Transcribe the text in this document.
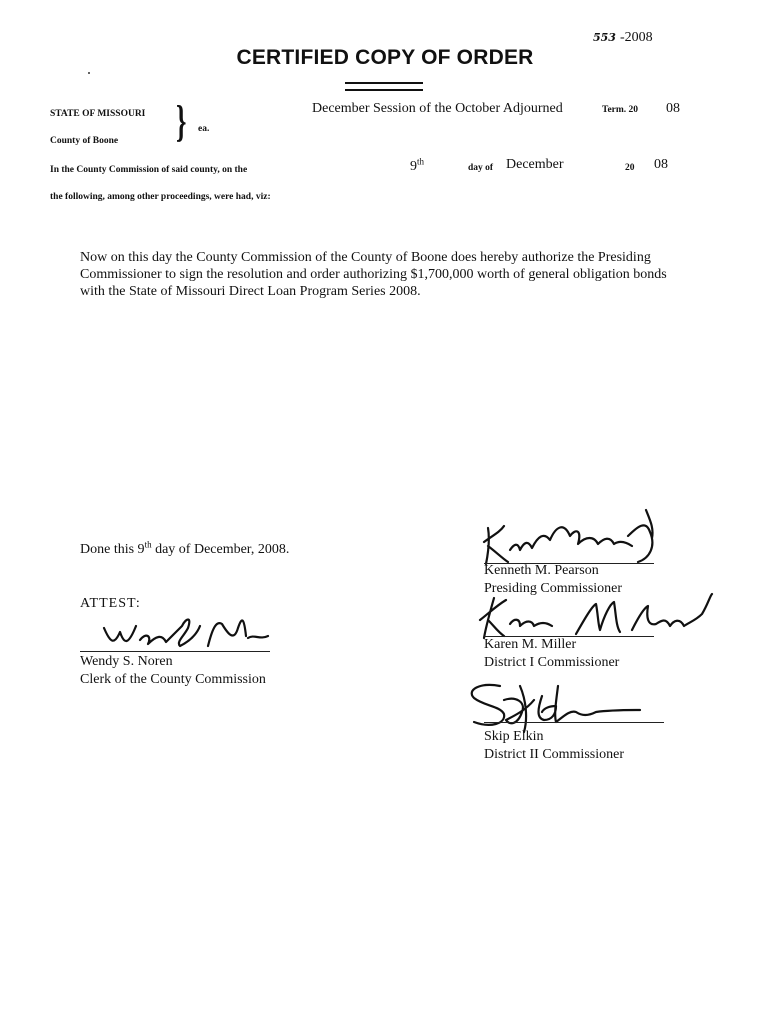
553 -2008
CERTIFIED COPY OF ORDER
STATE OF MISSOURI
County of Boone } ea.
December Session of the October Adjourned	Term. 20 08
In the County Commission of said county, on the	9th
day of December	20 08
the following, among other proceedings, were had, viz:
Now on this day the County Commission of the County of Boone does hereby authorize the Presiding Commissioner to sign the resolution and order authorizing $1,700,000 worth of general obligation bonds with the State of Missouri Direct Loan Program Series 2008.
Done this 9th day of December, 2008.
ATTEST:
Wendy S. Noren
Clerk of the County Commission
Kenneth M. Pearson
Presiding Commissioner
Karen M. Miller
District I Commissioner
Skip Elkin
District II Commissioner
